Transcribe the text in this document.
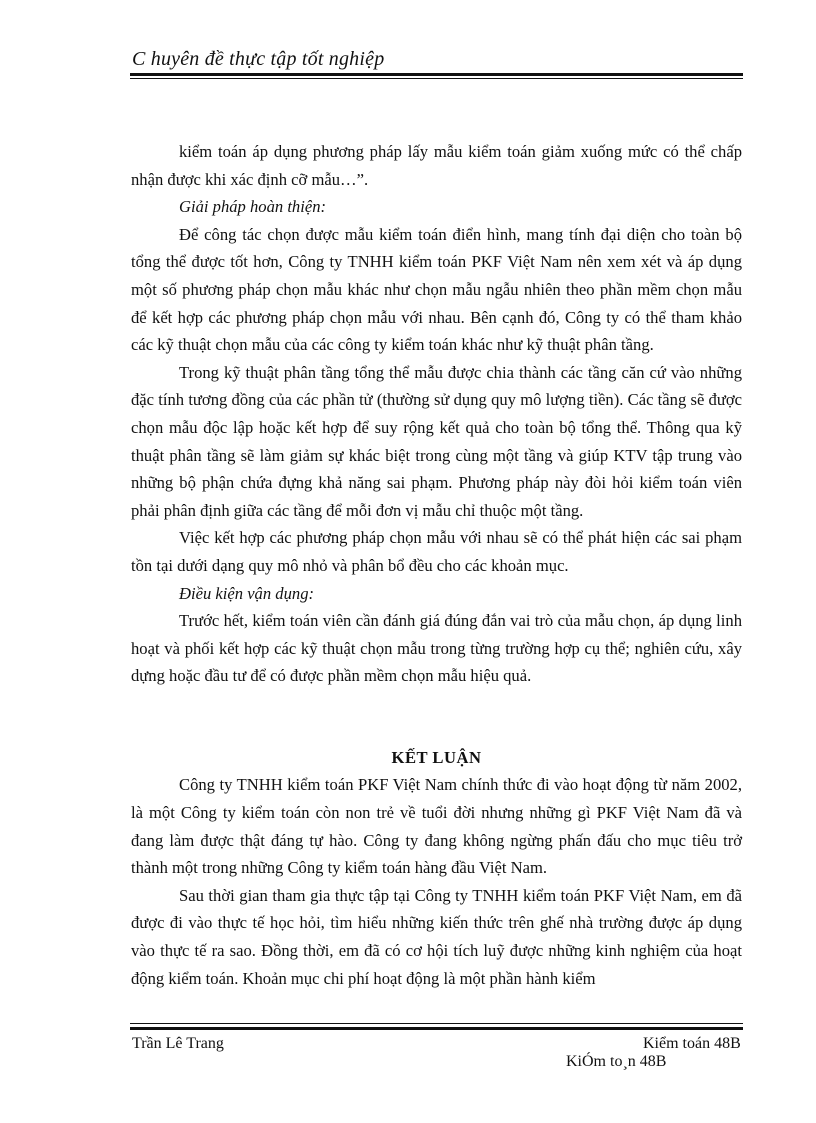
C huyên đề thực tập tốt nghiệp

kiểm toán áp dụng phương pháp lấy mẫu kiểm toán giảm xuống mức có thể chấp nhận được khi xác định cỡ mẫu…”.

Giải pháp hoàn thiện:

Để công tác chọn được mẫu kiểm toán điển hình, mang tính đại diện cho toàn bộ tổng thể được tốt hơn, Công ty TNHH kiểm toán PKF Việt Nam nên xem xét và áp dụng một số phương pháp chọn mẫu khác như chọn mẫu ngẫu nhiên theo phần mềm chọn mẫu để kết hợp các phương pháp chọn mẫu với nhau. Bên cạnh đó, Công ty có thể tham khảo các kỹ thuật chọn mẫu của các công ty kiểm toán khác như kỹ thuật phân tầng.

Trong kỹ thuật phân tầng tổng thể mẫu được chia thành các tầng căn cứ vào những đặc tính tương đồng của các phần tử (thường sử dụng quy mô lượng tiền). Các tầng sẽ được chọn mẫu độc lập hoặc kết hợp để suy rộng kết quả cho toàn bộ tổng thể. Thông qua kỹ thuật phân tầng sẽ làm giảm sự khác biệt trong cùng một tầng và giúp KTV tập trung vào những bộ phận chứa đựng khả năng sai phạm. Phương pháp này đòi hỏi kiểm toán viên phải phân định giữa các tầng để mỗi đơn vị mẫu chỉ thuộc một tầng.

Việc kết hợp các phương pháp chọn mẫu với nhau sẽ có thể phát hiện các sai phạm tồn tại dưới dạng quy mô nhỏ và phân bổ đều cho các khoản mục.

Điều kiện vận dụng:

Trước hết, kiểm toán viên cần đánh giá đúng đắn vai trò của mẫu chọn, áp dụng linh hoạt và phối kết hợp các kỹ thuật chọn mẫu trong từng trường hợp cụ thể; nghiên cứu, xây dựng hoặc đầu tư để có được phần mềm chọn mẫu hiệu quả.

KẾT LUẬN

Công ty TNHH kiểm toán PKF Việt Nam chính thức đi vào hoạt động từ năm 2002, là một Công ty kiểm toán còn non trẻ về tuổi đời nhưng những gì PKF Việt Nam đã và đang làm được thật đáng tự hào. Công ty đang không ngừng phấn đấu cho mục tiêu trở thành một trong những Công ty kiểm toán hàng đầu Việt Nam.

Sau thời gian tham gia thực tập tại Công ty TNHH kiểm toán PKF Việt Nam, em đã được đi vào thực tế học hỏi, tìm hiểu những kiến thức trên ghế nhà trường được áp dụng vào thực tế ra sao. Đồng thời, em đã có cơ hội tích luỹ được những kinh nghiệm của hoạt động kiểm toán. Khoản mục chi phí hoạt động là một phần hành kiểm

Trần Lê Trang	Kiểm toán 48B
KiÓm to¸n 48B
